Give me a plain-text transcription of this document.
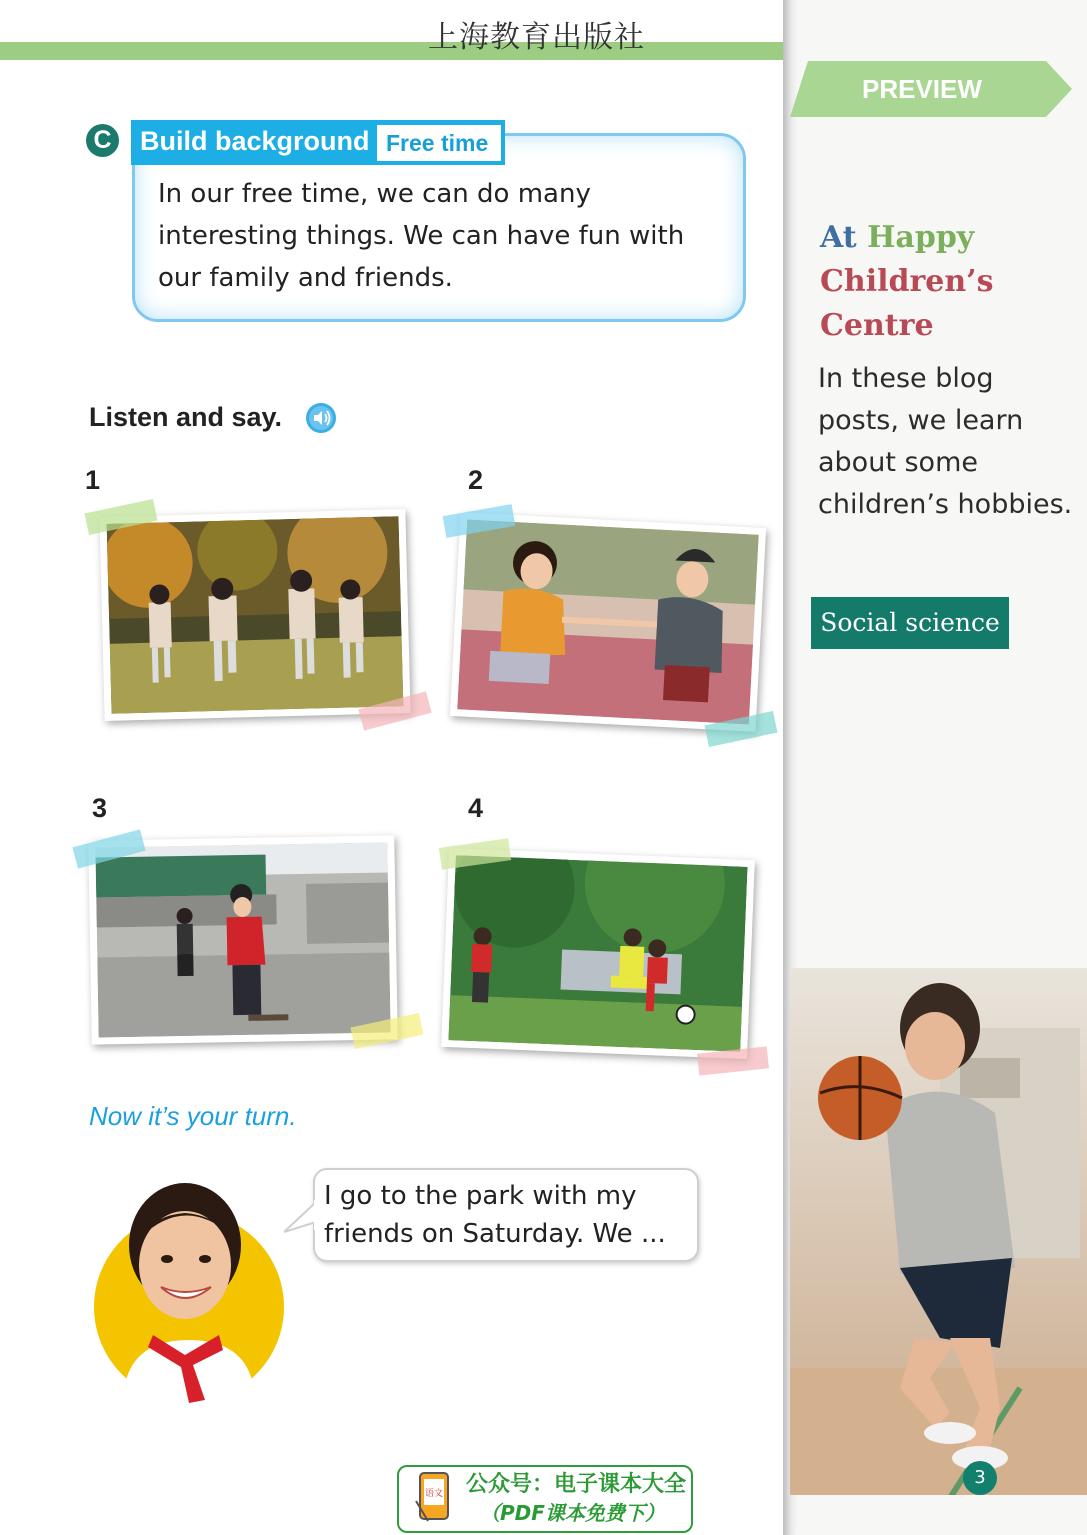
上海教育出版社
PREVIEW
At Happy
Children’s Centre
In these blog posts, we learn about some children’s hobbies.
Social science
3
C Build background Free time
In our free time, we can do many interesting things. We can have fun with our family and friends.
Listen and say.
1	2
3	4
Now it’s your turn.
I go to the park with my friends on Saturday. We ...
语文 公众号：电子课本大全
（PDF课本免费下）
